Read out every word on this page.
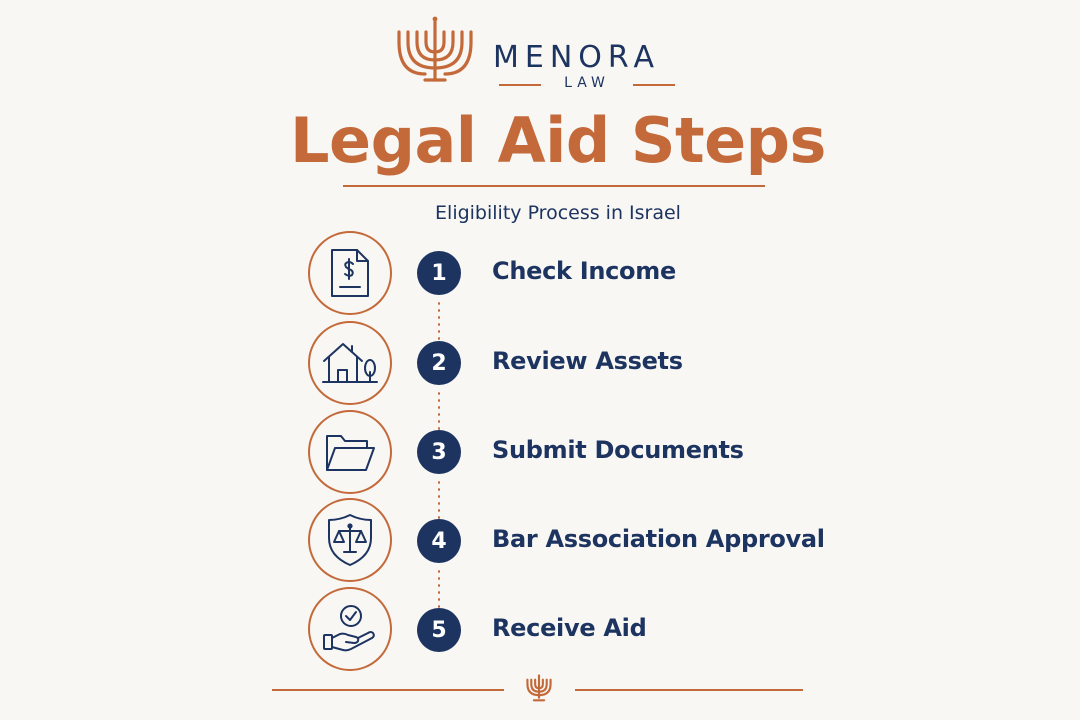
MENORA
LAW
Legal Aid Steps
Eligibility Process in Israel
1	Check Income
2	Review Assets
3	Submit Documents
4	Bar Association Approval
5	Receive Aid
